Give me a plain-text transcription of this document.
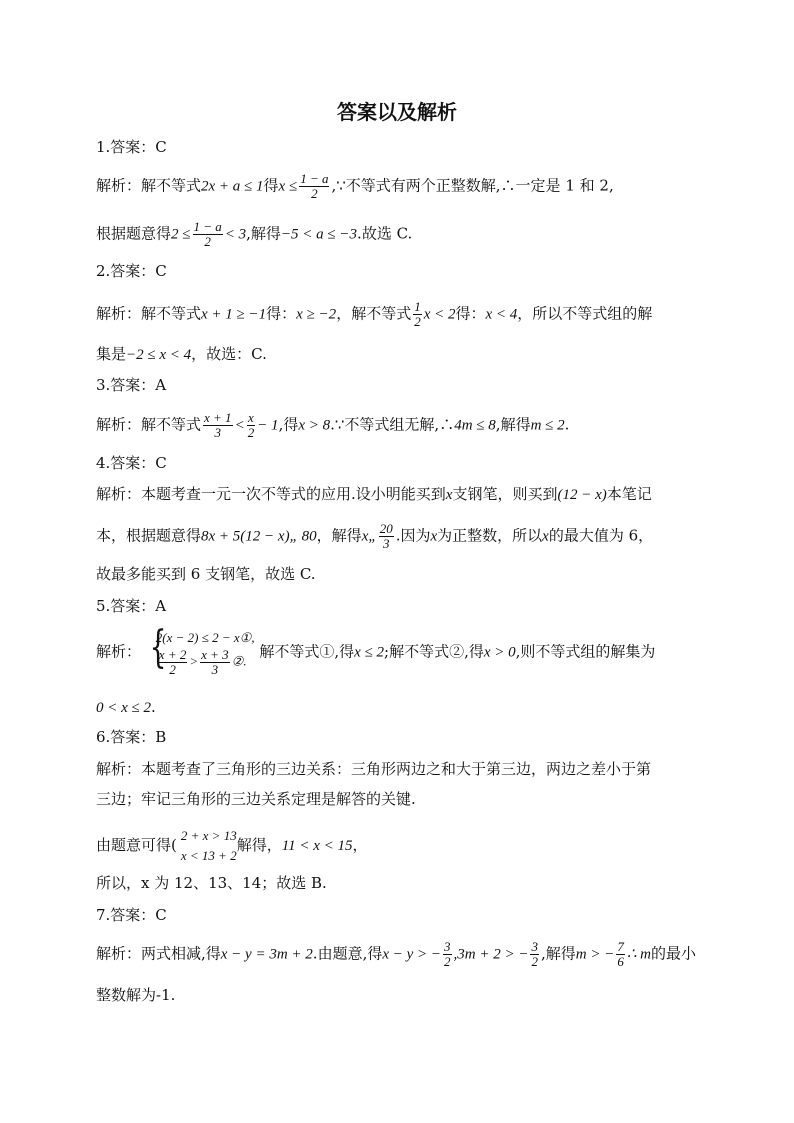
答案以及解析
1.答案：C
解析：解不等式2x + a ≤ 1得$x \le \frac{1 - a}{2}$ ,∵不等式有两个正整数解,∴一定是 1 和 2,
根据题意得$2 \le \frac{1 - a}{2} < 3$,解得−5 < a ≤ −3.故选 C.
2.答案：C
解析：解不等式x + 1 ≥ −1得：x ≥ −2，解不等式 $\frac{1}{2}$ x < 2得：x < 4，所以不等式组的解
集是−2 ≤ x < 4，故选：C.
3.答案：A
解析：解不等式 $\frac{x + 1}{3} < \frac{x}{2} - 1$,得x > 8.∵不等式组无解,∴4m ≤ 8,解得m ≤ 2.
4.答案：C
解析：本题考查一元一次不等式的应用.设小明能买到x支钢笔，则买到(12 − x)本笔记
本，根据题意得8x + 5(12 − x)„ 80，解得x„ $\frac{20}{3}$ .因为x为正整数，所以x的最大值为 6，
故最多能买到 6 支钢笔，故选 C.
5.答案：A
解析：
{ 2(x − 2) ≤ 2 − x①,
$\frac{x + 2}{2} > \frac{x + 3}{3}$ ②.
解不等式①,得x ≤ 2;解不等式②,得x > 0,则不等式组的解集为
0 < x ≤ 2.
6.答案：B
解析：本题考查了三角形的三边关系：三角形两边之和大于第三边，两边之差小于第
三边；牢记三角形的三边关系定理是解答的关键.
由题意可得(
2 + x > 13
x < 13 + 2
解得，11 < x < 15，
所以，x 为 12、13、14；故选 B.
7.答案：C
解析：两式相减,得x − y = 3m + 2.由题意,得x − y > − $\frac{3}{2} ,3m + 2$ > − $\frac{3}{2}$ ,解得m > − $\frac{7}{6}$ ∴ m的最小
整数解为-1.
